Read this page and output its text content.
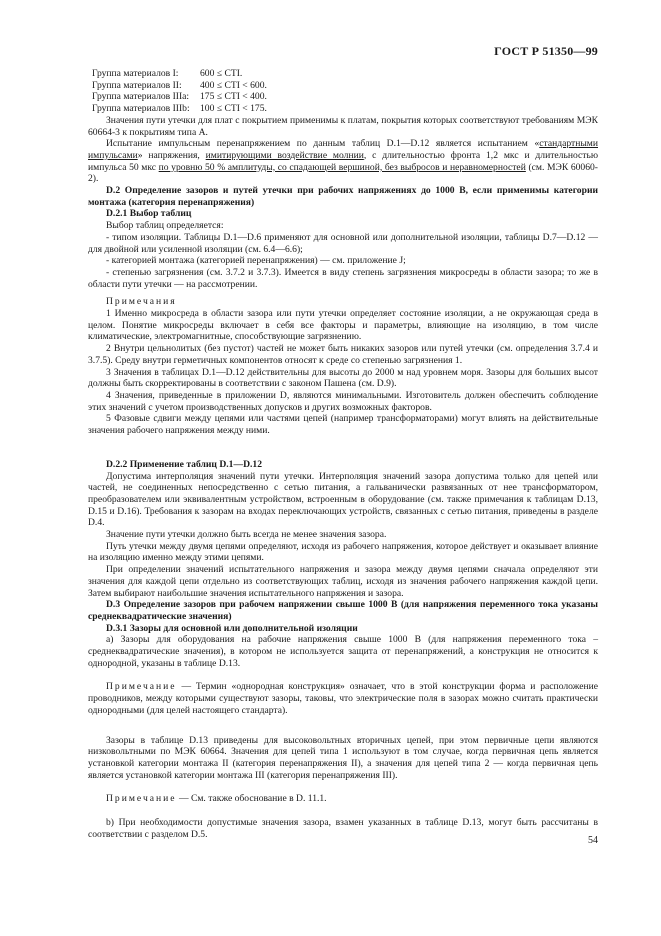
ГОСТ Р 51350—99
Группа материалов I:	600 ≤ CTI.
Группа материалов II:	400 ≤ CTI < 600.
Группа материалов IIIa:	175 ≤ CTI < 400.
Группа материалов IIIb:	100 ≤ CTI < 175.

Значения пути утечки для плат с покрытием применимы к платам, покрытия которых соответствуют требованиям МЭК 60664-3 к покрытиям типа А.

Испытание импульсным перенапряжением по данным таблиц D.1—D.12 является испытанием «стандартными импульсами» напряжения, имитирующими воздействие молнии, с длительностью фронта 1,2 мкс и длительностью импульса 50 мкс по уровню 50 % амплитуды, со спадающей вершиной, без выбросов и неравномерностей (см. МЭК 60060-2).

D.2 Определение зазоров и путей утечки при рабочих напряжениях до 1000 В, если применимы категории монтажа (категория перенапряжения)

D.2.1 Выбор таблиц

Выбор таблиц определяется:

- типом изоляции. Таблицы D.1—D.6 применяют для основной или дополнительной изоляции, таблицы D.7—D.12 — для двойной или усиленной изоляции (см. 6.4—6.6);

- категорией монтажа (категорией перенапряжения) — см. приложение J;

- степенью загрязнения (см. 3.7.2 и 3.7.3). Имеется в виду степень загрязнения микросреды в области зазора; то же в области пути утечки — на рассмотрении.

Примечания

1 Именно микросреда в области зазора или пути утечки определяет состояние изоляции, а не окружающая среда в целом. Понятие микросреды включает в себя все факторы и параметры, влияющие на изоляцию, в том числе климатические, электромагнитные, способствующие загрязнению.

2 Внутри цельнолитых (без пустот) частей не может быть никаких зазоров или путей утечки (см. определения 3.7.4 и 3.7.5). Среду внутри герметичных компонентов относят к среде со степенью загрязнения 1.

3 Значения в таблицах D.1—D.12 действительны для высоты до 2000 м над уровнем моря. Зазоры для больших высот должны быть скорректированы в соответствии с законом Пашена (см. D.9).

4 Значения, приведенные в приложении D, являются минимальными. Изготовитель должен обеспечить соблюдение этих значений с учетом производственных допусков и других возможных факторов.

5 Фазовые сдвиги между цепями или частями цепей (например трансформаторами) могут влиять на действительные значения рабочего напряжения между ними.

D.2.2 Применение таблиц D.1—D.12

Допустима интерполяция значений пути утечки. Интерполяция значений зазора допустима только для цепей или частей, не соединенных непосредственно с сетью питания, а гальванически развязанных от нее трансформатором, преобразователем или эквивалентным устройством, встроенным в оборудование (см. также примечания к таблицам D.13, D.15 и D.16). Требования к зазорам на входах переключающих устройств, связанных с сетью питания, приведены в разделе D.4.

Значение пути утечки должно быть всегда не менее значения зазора.

Путь утечки между двумя цепями определяют, исходя из рабочего напряжения, которое действует и оказывает влияние на изоляцию именно между этими цепями.

При определении значений испытательного напряжения и зазора между двумя цепями сначала определяют эти значения для каждой цепи отдельно из соответствующих таблиц, исходя из значения рабочего напряжения каждой цепи. Затем выбирают наибольшие значения испытательного напряжения и зазора.

D.3 Определение зазоров при рабочем напряжении свыше 1000 В (для напряжения переменного тока указаны среднеквадратические значения)

D.3.1 Зазоры для основной или дополнительной изоляции

a) Зазоры для оборудования на рабочие напряжения свыше 1000 В (для напряжения переменного тока – среднеквадратические значения), в котором не используется защита от перенапряжений, а конструкция не относится к однородной, указаны в таблице D.13.

Примечание — Термин «однородная конструкция» означает, что в этой конструкции форма и расположение проводников, между которыми существуют зазоры, таковы, что электрические поля в зазорах можно считать практически однородными (для целей настоящего стандарта).

Зазоры в таблице D.13 приведены для высоковольтных вторичных цепей, при этом первичные цепи являются низковольтными по МЭК 60664. Значения для цепей типа 1 используют в том случае, когда первичная цепь является установкой категории монтажа II (категория перенапряжения II), а значения для цепей типа 2 — когда первичная цепь является установкой категории монтажа III (категория перенапряжения III).

Примечание — См. также обоснование в D. 11.1.

b) При необходимости допустимые значения зазора, взамен указанных в таблице D.13, могут быть рассчитаны в соответствии с разделом D.5.

54
